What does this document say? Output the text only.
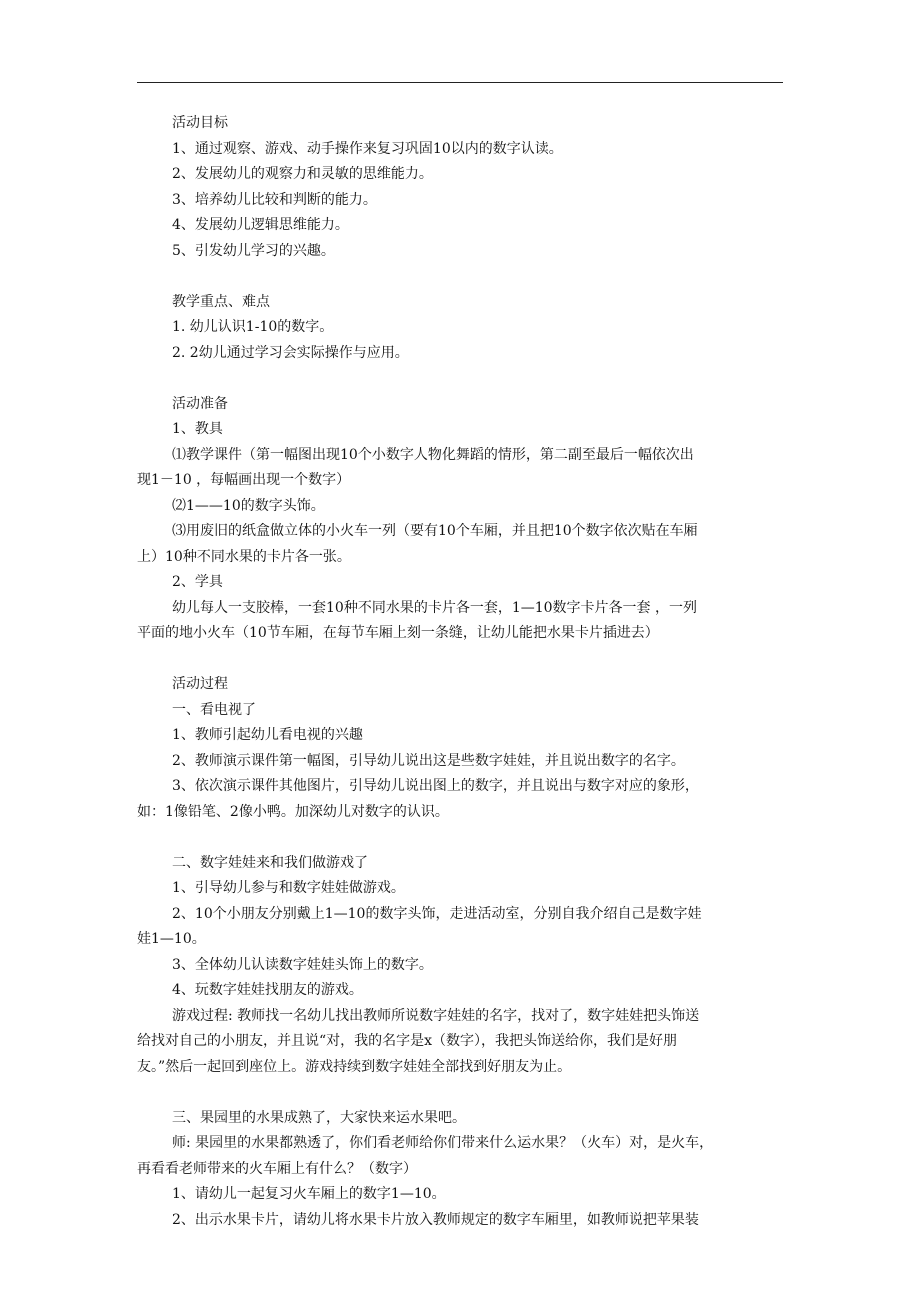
活动目标

1、通过观察、游戏、动手操作来复习巩固10以内的数字认读。

2、发展幼儿的观察力和灵敏的思维能力。

3、培养幼儿比较和判断的能力。

4、发展幼儿逻辑思维能力。

5、引发幼儿学习的兴趣。

教学重点、难点

1. 幼儿认识1-10的数字。

2. 2幼儿通过学习会实际操作与应用。

活动准备

1、教具

⑴教学课件（第一幅图出现10个小数字人物化舞蹈的情形，第二副至最后一幅依次出

现1－10 ，每幅画出现一个数字）

⑵1——10的数字头饰。

⑶用废旧的纸盒做立体的小火车一列（要有10个车厢，并且把10个数字依次贴在车厢

上）10种不同水果的卡片各一张。

2、学具

幼儿每人一支胶棒，一套10种不同水果的卡片各一套，1—10数字卡片各一套 ，一列

平面的地小火车（10节车厢，在每节车厢上刻一条缝，让幼儿能把水果卡片插进去）

活动过程

一、看电视了

1、教师引起幼儿看电视的兴趣

2、教师演示课件第一幅图，引导幼儿说出这是些数字娃娃，并且说出数字的名字。

3、依次演示课件其他图片，引导幼儿说出图上的数字，并且说出与数字对应的象形，

如：1像铅笔、2像小鸭。加深幼儿对数字的认识。

二、数字娃娃来和我们做游戏了

1、引导幼儿参与和数字娃娃做游戏。

2、10个小朋友分别戴上1—10的数字头饰，走进活动室，分别自我介绍自己是数字娃

娃1—10。

3、全体幼儿认读数字娃娃头饰上的数字。

4、玩数字娃娃找朋友的游戏。

游戏过程: 教师找一名幼儿找出教师所说数字娃娃的名字，找对了，数字娃娃把头饰送

给找对自己的小朋友，并且说“对，我的名字是x（数字），我把头饰送给你，我们是好朋

友。”然后一起回到座位上。游戏持续到数字娃娃全部找到好朋友为止。

三、果园里的水果成熟了，大家快来运水果吧。

师: 果园里的水果都熟透了，你们看老师给你们带来什么运水果？（火车）对，是火车，

再看看老师带来的火车厢上有什么？（数字）

1、请幼儿一起复习火车厢上的数字1—10。

2、出示水果卡片，请幼儿将水果卡片放入教师规定的数字车厢里，如教师说把苹果装
